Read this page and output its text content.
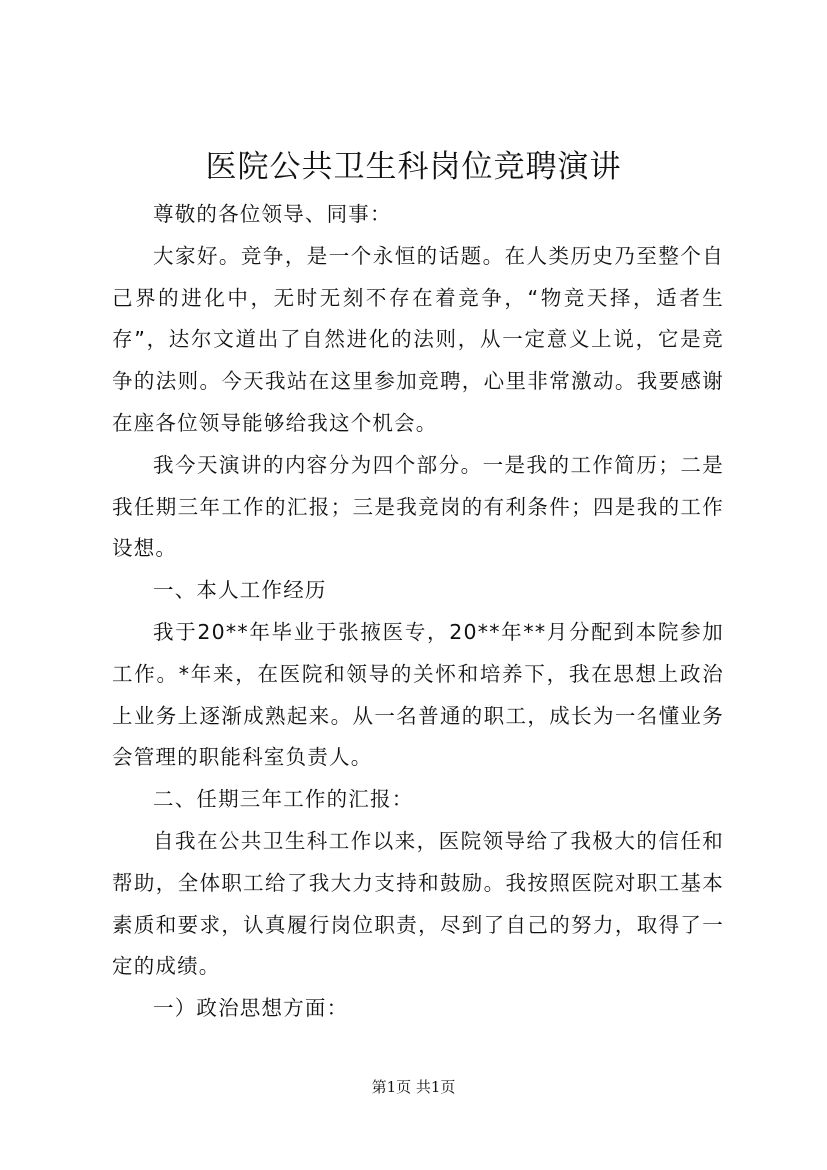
医院公共卫生科岗位竞聘演讲

尊敬的各位领导、同事：

大家好。竞争，是一个永恒的话题。在人类历史乃至整个自己界的进化中，无时无刻不存在着竞争，“物竞天择，适者生存”，达尔文道出了自然进化的法则，从一定意义上说，它是竞争的法则。今天我站在这里参加竞聘，心里非常激动。我要感谢在座各位领导能够给我这个机会。

我今天演讲的内容分为四个部分。一是我的工作简历；二是我任期三年工作的汇报；三是我竞岗的有利条件；四是我的工作设想。

一、本人工作经历

我于20**年毕业于张掖医专，20**年**月分配到本院参加工作。*年来，在医院和领导的关怀和培养下，我在思想上政治上业务上逐渐成熟起来。从一名普通的职工，成长为一名懂业务会管理的职能科室负责人。

二、任期三年工作的汇报：

自我在公共卫生科工作以来，医院领导给了我极大的信任和帮助，全体职工给了我大力支持和鼓励。我按照医院对职工基本素质和要求，认真履行岗位职责，尽到了自己的努力，取得了一定的成绩。

一）政治思想方面：

第1页 共1页
